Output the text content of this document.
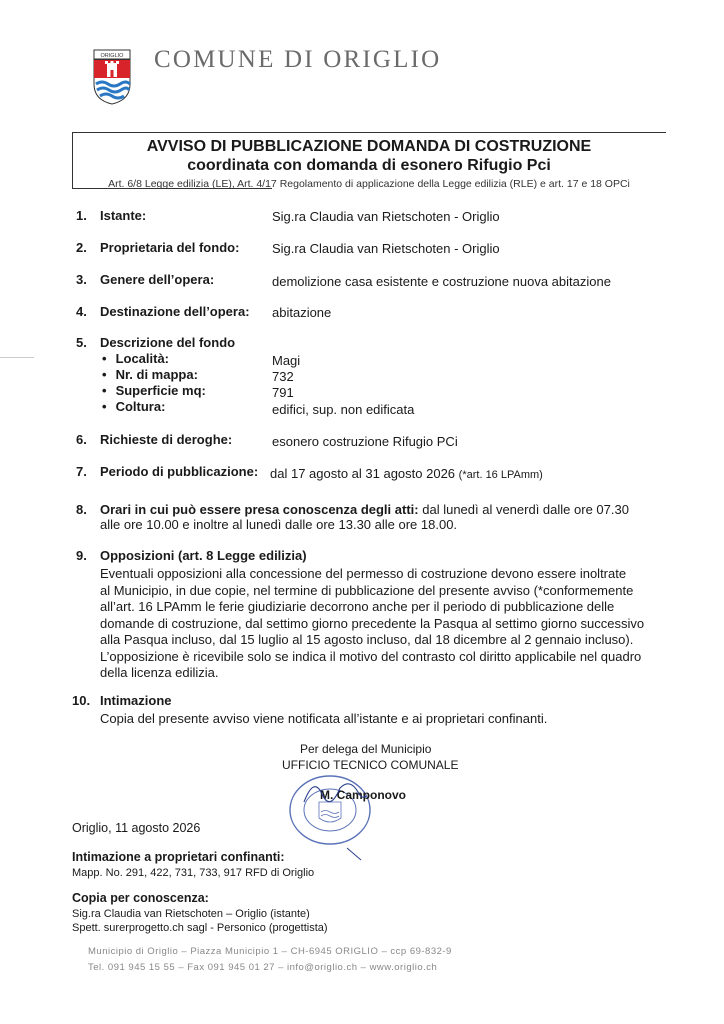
ORIGLIO COMUNE DI ORIGLIO
AVVISO DI PUBBLICAZIONE DOMANDA DI COSTRUZIONE
coordinata con domanda di esonero Rifugio Pci
Art. 6/8 Legge edilizia (LE), Art. 4/17 Regolamento di applicazione della Legge edilizia (RLE) e art. 17 e 18 OPCi
1. Istante:	Sig.ra Claudia van Rietschoten - Origlio
2. Proprietaria del fondo:	Sig.ra Claudia van Rietschoten - Origlio
3. Genere dell’opera:	demolizione casa esistente e costruzione nuova abitazione
4. Destinazione dell’opera: abitazione
5. Descrizione del fondo
• Località:	Magi
• Nr. di mappa:	732
• Superficie mq:	791
• Coltura:	edifici, sup. non edificata
6. Richieste di deroghe:	esonero costruzione Rifugio PCi
7. Periodo di pubblicazione: dal 17 agosto al 31 agosto 2026 (*art. 16 LPAmm)
8. Orari in cui può essere presa conoscenza degli atti: dal lunedì al venerdì dalle ore 07.30
alle ore 10.00 e inoltre al lunedì dalle ore 13.30 alle ore 18.00.
9. Opposizioni (art. 8 Legge edilizia)
Eventuali opposizioni alla concessione del permesso di costruzione devono essere inoltrate
al Municipio, in due copie, nel termine di pubblicazione del presente avviso (*conformemente
all’art. 16 LPAmm le ferie giudiziarie decorrono anche per il periodo di pubblicazione delle
domande di costruzione, dal settimo giorno precedente la Pasqua al settimo giorno successivo
alla Pasqua incluso, dal 15 luglio al 15 agosto incluso, dal 18 dicembre al 2 gennaio incluso).
L’opposizione è ricevibile solo se indica il motivo del contrasto col diritto applicabile nel quadro
della licenza edilizia.
10. Intimazione
Copia del presente avviso viene notificata all’istante e ai proprietari confinanti.
Per delega del Municipio
UFFICIO TECNICO COMUNALE
M. Camponovo
Origlio, 11 agosto 2026
Intimazione a proprietari confinanti:
Mapp. No. 291, 422, 731, 733, 917 RFD di Origlio
Copia per conoscenza:
Sig.ra Claudia van Rietschoten – Origlio (istante)
Spett. surerprogetto.ch sagl - Personico (progettista)
Municipio di Origlio – Piazza Municipio 1 – CH-6945 ORIGLIO – ccp 69-832-9
Tel. 091 945 15 55 – Fax 091 945 01 27 – info@origlio.ch – www.origlio.ch
